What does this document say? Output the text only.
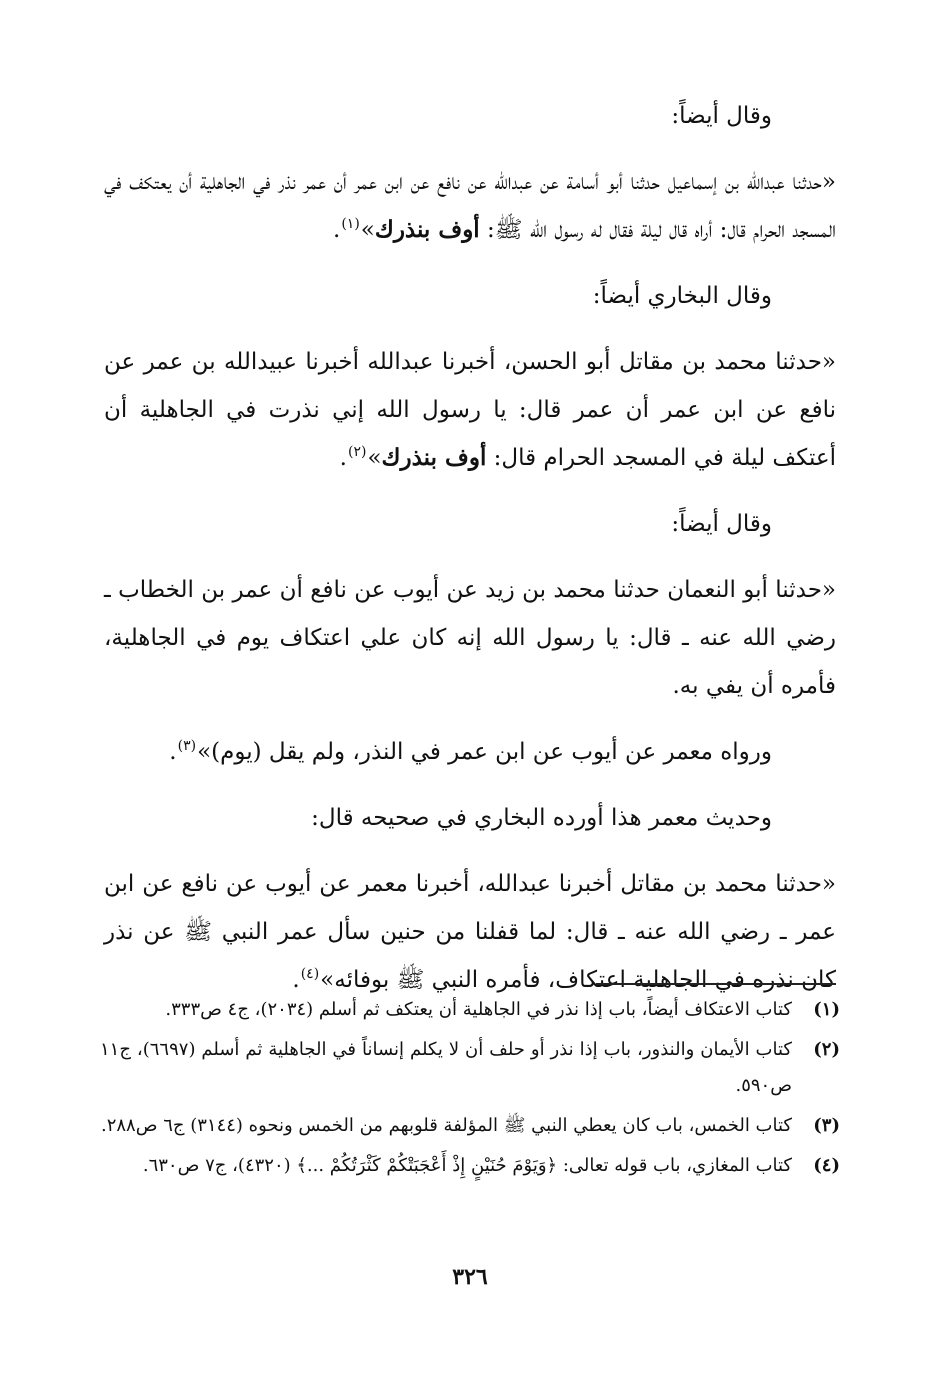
وقال أيضاً:

«حدثنا عبدالله بن إسماعيل حدثنا أبو أسامة عن عبدالله عن نافع عن ابن عمر أن عمر نذر في الجاهلية أن يعتكف في المسجد الحرام قال: أراه قال ليلة فقال له رسول الله ﷺ: أوف بنذرك»$^{(١)}$.

وقال البخاري أيضاً:

«حدثنا محمد بن مقاتل أبو الحسن، أخبرنا عبدالله أخبرنا عبيدالله بن عمر عن نافع عن ابن عمر أن عمر قال: يا رسول الله إني نذرت في الجاهلية أن أعتكف ليلة في المسجد الحرام قال: أوف بنذرك»$^{(٢)}$.

وقال أيضاً:

«حدثنا أبو النعمان حدثنا محمد بن زيد عن أيوب عن نافع أن عمر بن الخطاب ـ رضي الله عنه ـ قال: يا رسول الله إنه كان علي اعتكاف يوم في الجاهلية، فأمره أن يفي به.

ورواه معمر عن أيوب عن ابن عمر في النذر، ولم يقل (يوم)»$^{(٣)}$.

وحديث معمر هذا أورده البخاري في صحيحه قال:

«حدثنا محمد بن مقاتل أخبرنا عبدالله، أخبرنا معمر عن أيوب عن نافع عن ابن عمر ـ رضي الله عنه ـ قال: لما قفلنا من حنين سأل عمر النبي ﷺ عن نذر كان نذره في الجاهلية اعتكاف، فأمره النبي ﷺ بوفائه»$^{(٤)}$.

(١)
كتاب الاعتكاف أيضاً، باب إذا نذر في الجاهلية أن يعتكف ثم أسلم (٢٠٣٤)، ج٤ ص٣٣٣.
(٢)
كتاب الأيمان والنذور، باب إذا نذر أو حلف أن لا يكلم إنساناً في الجاهلية ثم أسلم (٦٦٩٧)، ج١١ ص٥٩٠.
(٣)
كتاب الخمس، باب كان يعطي النبي ﷺ المؤلفة قلوبهم من الخمس ونحوه (٣١٤٤) ج٦ ص٢٨٨.
(٤)
كتاب المغازي، باب قوله تعالى: ﴿وَيَوْمَ حُنَيْنٍ إِذْ أَعْجَبَتْكُمْ كَثْرَتُكُمْ ...﴾ (٤٣٢٠)، ج٧ ص٦٣٠.
٣٢٦
